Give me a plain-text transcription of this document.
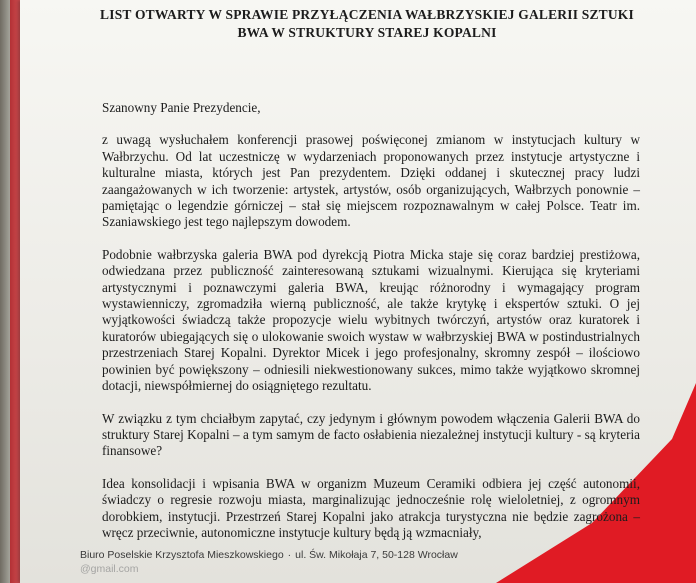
LIST OTWARTY W SPRAWIE PRZYŁĄCZENIA WAŁBRZYSKIEJ GALERII SZTUKI
BWA W STRUKTURY STAREJ KOPALNI
Szanowny Panie Prezydencie,

z uwagą wysłuchałem konferencji prasowej poświęconej zmianom w instytucjach kultury w Wałbrzychu. Od lat uczestniczę w wydarzeniach proponowanych przez instytucje artystyczne i kulturalne miasta, których jest Pan prezydentem. Dzięki oddanej i skutecznej pracy ludzi zaangażowanych w ich tworzenie: artystek, artystów, osób organizujących, Wałbrzych ponownie – pamiętając o legendzie górniczej – stał się miejscem rozpoznawalnym w całej Polsce. Teatr im. Szaniawskiego jest tego najlepszym dowodem.

Podobnie wałbrzyska galeria BWA pod dyrekcją Piotra Micka staje się coraz bardziej prestiżowa, odwiedzana przez publiczność zainteresowaną sztukami wizualnymi. Kierująca się kryteriami artystycznymi i poznawczymi galeria BWA, kreując różnorodny i wymagający program wystawienniczy, zgromadziła wierną publiczność, ale także krytykę i ekspertów sztuki. O jej wyjątkowości świadczą także propozycje wielu wybitnych twórczyń, artystów oraz kuratorek i kuratorów ubiegających się o ulokowanie swoich wystaw w wałbrzyskiej BWA w postindustrialnych przestrzeniach Starej Kopalni. Dyrektor Micek i jego profesjonalny, skromny zespół – ilościowo powinien być powiększony – odniesili niekwestionowany sukces, mimo także wyjątkowo skromnej dotacji, niewspółmiernej do osiągniętego rezultatu.

W związku z tym chciałbym zapytać, czy jedynym i głównym powodem włączenia Galerii BWA do struktury Starej Kopalni – a tym samym de facto osłabienia niezależnej instytucji kultury - są kryteria finansowe?

Idea konsolidacji i wpisania BWA w organizm Muzeum Ceramiki odbiera jej część autonomii, świadczy o regresie rozwoju miasta, marginalizując jednocześnie rolę wieloletniej, z ogromnym dorobkiem, instytucji. Przestrzeń Starej Kopalni jako atrakcja turystyczna nie będzie zagrożona – wręcz przeciwnie, autonomiczne instytucje kultury będą ją wzmacniały,

Biuro Poselskie Krzysztofa Mieszkowskiego · ul. Św. Mikołaja 7, 50-128 Wrocław
@gmail.com
